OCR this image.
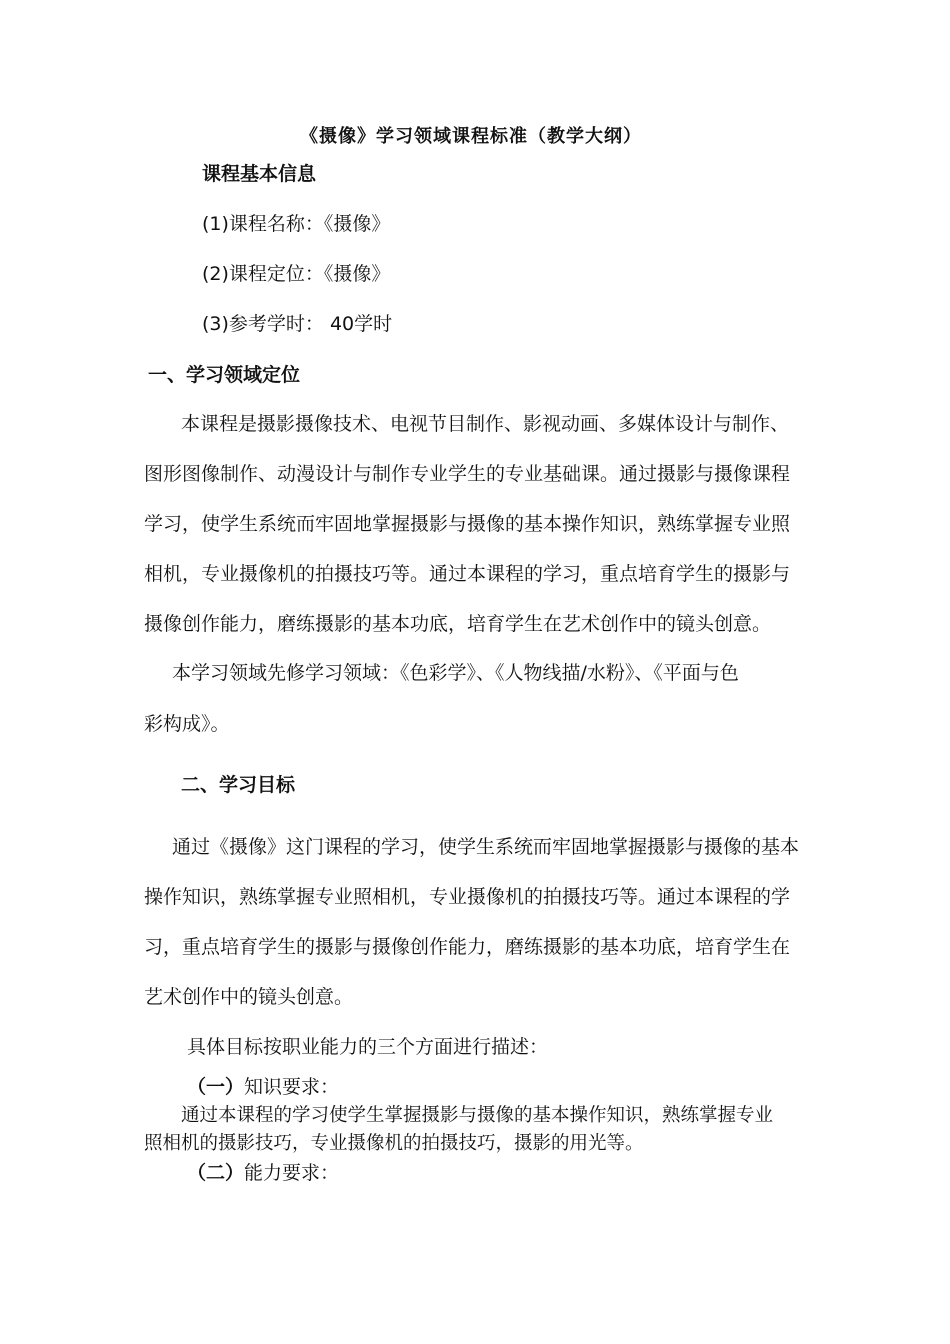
《摄像》学习领域课程标准（教学大纲）
课程基本信息
(1)课程名称：《摄像》
(2)课程定位：《摄像》
(3)参考学时： 40学时
一、学习领域定位
本课程是摄影摄像技术、电视节目制作、影视动画、多媒体设计与制作、
图形图像制作、动漫设计与制作专业学生的专业基础课。通过摄影与摄像课程
学习，使学生系统而牢固地掌握摄影与摄像的基本操作知识，熟练掌握专业照
相机，专业摄像机的拍摄技巧等。通过本课程的学习，重点培育学生的摄影与
摄像创作能力，磨练摄影的基本功底，培育学生在艺术创作中的镜头创意。
本学习领域先修学习领域：《色彩学》、《人物线描/水粉》、《平面与色
彩构成》。
二、学习目标
通过《摄像》这门课程的学习，使学生系统而牢固地掌握摄影与摄像的基本
操作知识，熟练掌握专业照相机，专业摄像机的拍摄技巧等。通过本课程的学
习，重点培育学生的摄影与摄像创作能力，磨练摄影的基本功底，培育学生在
艺术创作中的镜头创意。
具体目标按职业能力的三个方面进行描述：
（一）知识要求：
通过本课程的学习使学生掌握摄影与摄像的基本操作知识，熟练掌握专业
照相机的摄影技巧，专业摄像机的拍摄技巧，摄影的用光等。
（二）能力要求：
